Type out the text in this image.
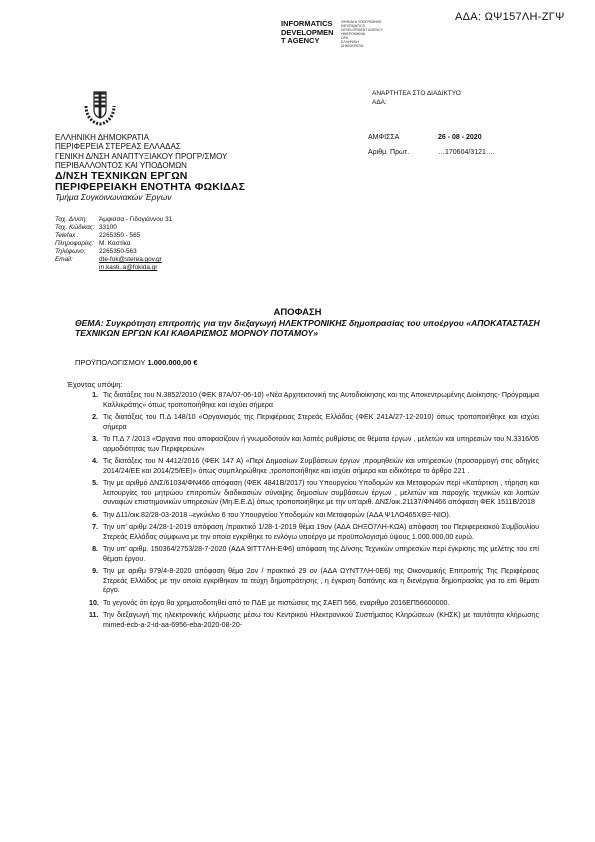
ΑΔΑ: ΩΨ157ΛΗ-ΖΓΨ
INFORMATICS
DEVELOPMEN
T AGENCY
ΨΗΦΙΑΚΑ ΥΠΟΓΡΑΦΗΚΕ
INFORMATICS
DEVELOPMENT AGENCY
ΗΜΕΡΟΜΗΝΙΑ
ΩΡΑ
ΕΛΛΗΝΙΚΗ
ΔΗΜΟΚΡΑΤΙΑ
ΑΝΑΡΤΗΤΕΑ ΣΤΟ ΔΙΑΔΙΚΤΥΟ
ΑΔΑ:
ΕΛΛΗΝΙΚΗ ΔΗΜΟΚΡΑΤΙΑ
ΠΕΡΙΦΕΡΕΙΑ ΣΤΕΡΕΑΣ ΕΛΛΑΔΑΣ
ΓΕΝΙΚΗ Δ/ΝΣΗ ΑΝΑΠΤΥΞΙΑΚΟΥ ΠΡΟΓΡ/ΣΜΟΥ
ΠΕΡΙΒΑΛΛΟΝΤΟΣ ΚΑΙ ΥΠΟΔΟΜΩΝ
Δ/ΝΣΗ ΤΕΧΝΙΚΩΝ ΕΡΓΩΝ
ΠΕΡΙΦΕΡΕΙΑΚΗ ΕΝΟΤΗΤΑ ΦΩΚΙΔΑΣ
Τμήμα Συγκοινωνιακών Έργων
Ταχ. Δ/νση:	Άμφισσα - Γιδογιάννου 31
Ταχ. Κώδικας: 33100
Telefax :	2265350 - 565
Πληροφορίες: Μ. Καστίκα
Τηλέφωνο:	2265350-563
Email:	dte-fok@sterea.gov.gr
m.kasti..a@fokida.gr
ΑΜΦΙΣΣΑ	26 - 08 - 2020
Αριθμ. Πρωτ.	…170604/3121….
ΑΠΟΦΑΣΗ
ΘΕΜΑ: Συγκρότηση επιτροπής για την διεξαγωγή ΗΛΕΚΤΡΟΝΙΚΗΣ δημοπρασίας του υποέργου «ΑΠΟΚΑΤΑΣΤΑΣΗ ΤΕΧΝΙΚΩΝ ΕΡΓΩΝ ΚΑΙ ΚΑΘΑΡΙΣΜΟΣ ΜΟΡΝΟΥ ΠΟΤΑΜΟΥ»
ΠΡΟΫΠΟΛΟΓΙΣΜΟΥ 1.000.000,00 €
Έχοντας υπόψη:
1. Τις διατάξεις του Ν.3852/2010 (ΦΕΚ 87Α/07-06-10) «Νέα Αρχιτεκτονική της Αυτοδιοίκησης και της Αποκεντρωμένης Διοίκησης- Πρόγραμμα Καλλικράτης» όπως τροποποιήθηκε και ισχύει σήμερα
2. Τις διατάξεις του Π.Δ 148/10 «Οργανισμός της Περιφέρειας Στερεάς Ελλάδας (ΦΕΚ 241Α/27-12-2010) όπως τροποποιήθηκε και ισχύει σήμερα
3. Το Π.Δ 7 /2013 «Όργανα που αποφασίζουν ή γνωμοδοτούν και λοιπές ρυθμίσεις σε θέματα έργων , μελετών και υπηρεσιών του Ν.3316/05 αρμοδιότητας των Περιφερειών»
4. Τις διατάξεις του Ν 4412/2016 (ΦΕΚ 147 Α) «Περί Δημοσίων Συμβάσεων έργων ,προμηθειών και υπηρεσιών (προσαρμογή στις οδηγίες 2014/24/ΕΕ και 2014/25/ΕΕ)» όπως συμπληρώθηκε ,τροποποιήθηκε και ισχύει σήμερα και ειδικότερα το άρθρο 221 .
5. Την με αριθμό ΔΝΣ/61034/ΦΝ466 απόφαση (ΦΕΚ 4841Β/2017) του Υπουργείου Υποδομών και Μεταφορών περί «Κατάρτιση , τήρηση και λειτουργίες του μητρώου επιτροπών διαδικασιών σύναψης δημοσίων συμβάσεων έργων , μελετών και παροχής τεχνικών και λοιπών συναφών επιστημονικών υπηρεσιών (Μη.Ε.Ε.Δ) όπως τροποποιήθηκε με την υπ'αριθ. ΔΝΣ/οικ.21137/ΦΝ466 απόφαση ΦΕΚ 1511Β/2018
6. Την Δ11/οικ.82/28-03-2018 –εγκύκλιο 6 του Υπουργείου Υποδομών και Μεταφορών (ΑΔΑ Ψ1ΛΟ465ΧΘΞ-ΝΙΟ).
7. Την υπ' αριθμ 24/28-1-2019 απόφαση /πρακτικό 1/28-1-2019 θέμα 19ον (ΑΔΑ ΩΗΞΟ7ΛΗ-ΚΩΑ) απόφαση του Περιφερειακού Συμβουλίου Στερεάς Ελλάδας σύμφωνα με την οποία εγκρίθηκε το ενλόγω υποέργο με προϋπολογισμό ύψους 1.000.000,00 ευρώ.
8. Την υπ' αριθμ. 150364/2753/28-7-2020 (ΑΔΑ 9ΙΤΤ7ΛΗ-ΕΦ6) απόφαση της Δ/νσης Τεχνικών υπηρεσιών περί έγκρισης της μελέτης του επί θέματι έργου.
9. Την με αριθμ 979/4-8-2020 απόφαση θέμα 2ον / πρακτικό 29 ον (ΑΔΑ ΩΥΝΤ7ΛΗ-0Ε6) της Οικονομικής Επιτροπής Της Περιφέρειας Στερεάς Ελλάδος με την οποία εγκρίθηκαν τα τεύχη δημοπράτησης , η έγκριση δαπάνης και η διενέργεια δημοπρασίας για το επί θέματι έργο.
10. Το γεγονός ότι έργο θα χρηματοδοτηθεί από το ΠΔΕ με πιστώσεις της ΣΑΕΠ 566, εναριθμο 2016ΕΠ56600000.
11. Την διεξαγωγή της ηλεκτρονικής κλήρωσης μέσω του Κεντρικού Ηλεκτρονικού Συστήματος Κληρώσεων (ΚΗΣΚ) με ταυτότητα κλήρωσης mimed-ecb-a-2-id-aa-6956-eba-2020-08-20-
